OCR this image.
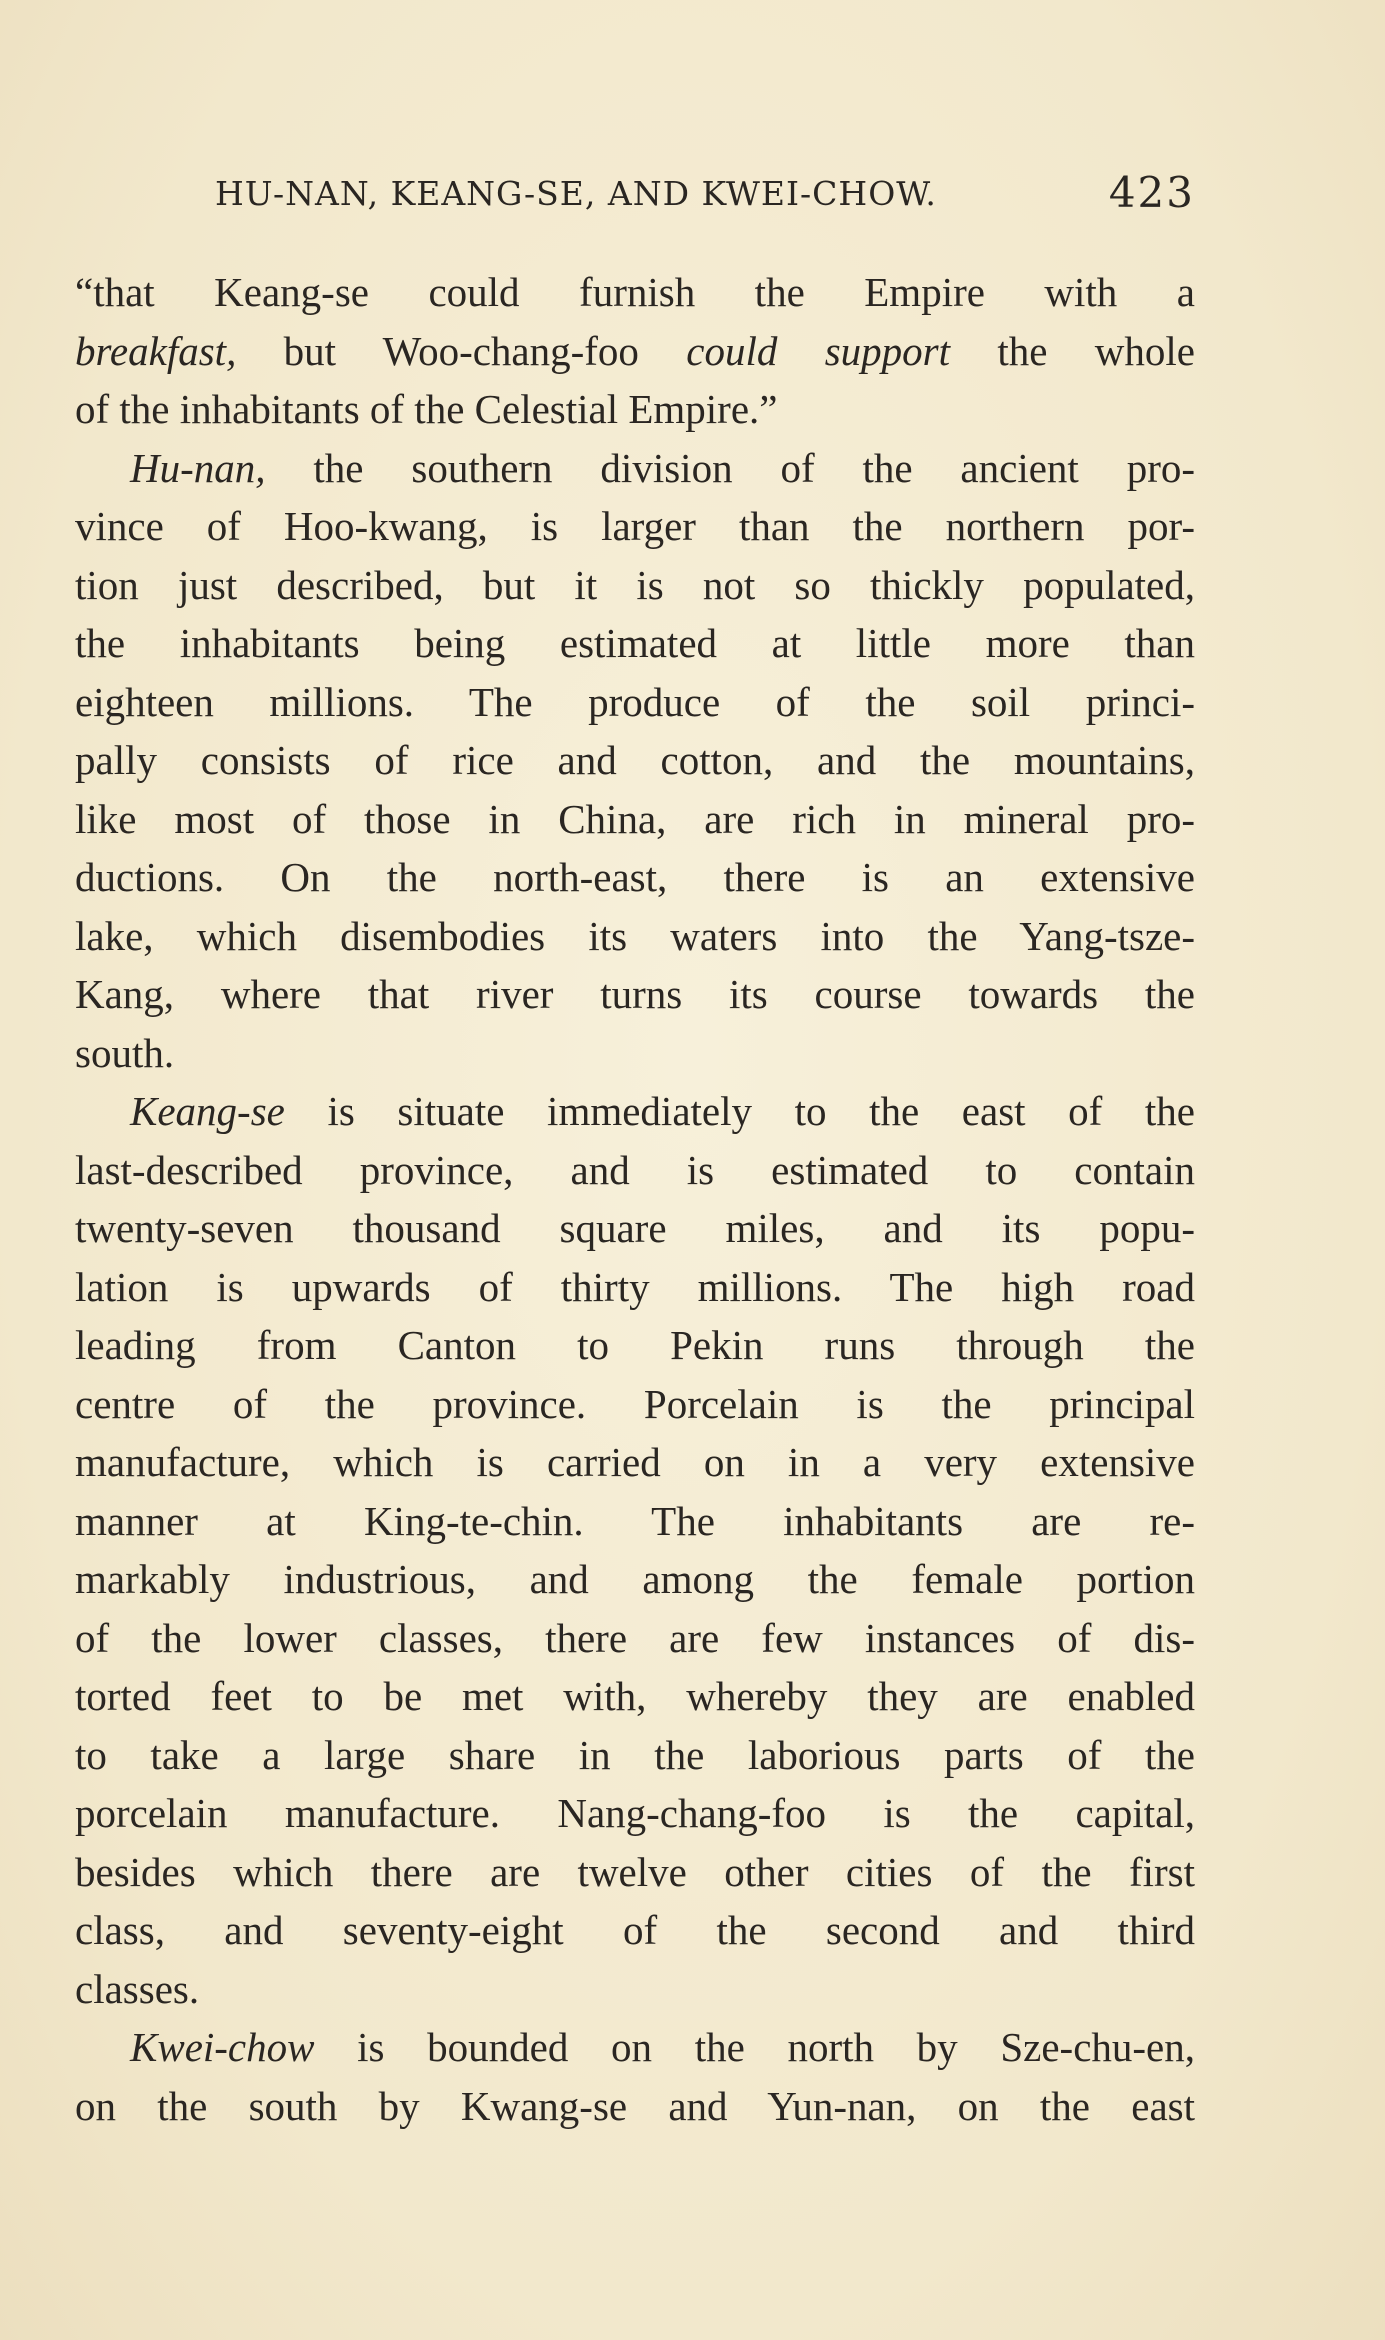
HU-NAN, KEANG-SE, AND KWEI-CHOW.	423
“that Keang-se could furnish the Empire with a
breakfast, but Woo-chang-foo could support the whole
of the inhabitants of the Celestial Empire.”
Hu-nan, the southern division of the ancient pro-
vince of Hoo-kwang, is larger than the northern por-
tion just described, but it is not so thickly populated,
the inhabitants being estimated at little more than
eighteen millions. The produce of the soil princi-
pally consists of rice and cotton, and the mountains,
like most of those in China, are rich in mineral pro-
ductions. On the north-east, there is an extensive
lake, which disembodies its waters into the Yang-tsze-
Kang, where that river turns its course towards the
south.
Keang-se is situate immediately to the east of the
last-described province, and is estimated to contain
twenty-seven thousand square miles, and its popu-
lation is upwards of thirty millions. The high road
leading from Canton to Pekin runs through the
centre of the province. Porcelain is the principal
manufacture, which is carried on in a very extensive
manner at King-te-chin. The inhabitants are re-
markably industrious, and among the female portion
of the lower classes, there are few instances of dis-
torted feet to be met with, whereby they are enabled
to take a large share in the laborious parts of the
porcelain manufacture. Nang-chang-foo is the capital,
besides which there are twelve other cities of the first
class, and seventy-eight of the second and third
classes.
Kwei-chow is bounded on the north by Sze-chu-en,
on the south by Kwang-se and Yun-nan, on the east
